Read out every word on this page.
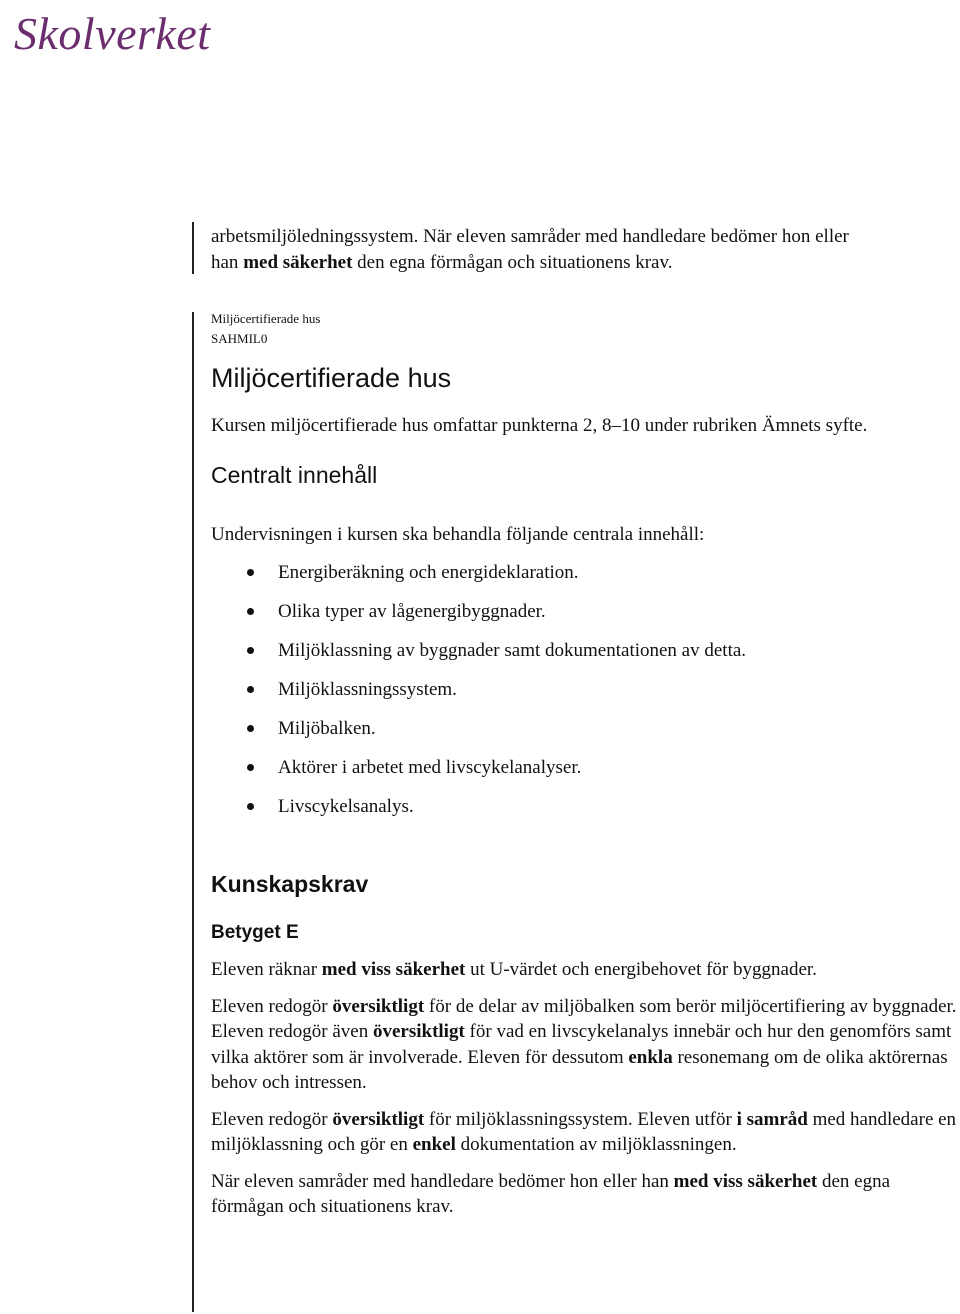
Skolverket

arbetsmiljöledningssystem. När eleven samråder med handledare bedömer hon eller
han med säkerhet den egna förmågan och situationens krav.

Miljöcertifierade hus

SAHMIL0

Miljöcertifierade hus

Kursen miljöcertifierade hus omfattar punkterna 2, 8–10 under rubriken Ämnets syfte.

Centralt innehåll

Undervisningen i kursen ska behandla följande centrala innehåll:

Energiberäkning och energideklaration.
Olika typer av lågenergibyggnader.
Miljöklassning av byggnader samt dokumentationen av detta.
Miljöklassningssystem.
Miljöbalken.
Aktörer i arbetet med livscykelanalyser.
Livscykelsanalys.
Kunskapskrav
Betyget E

Eleven räknar med viss säkerhet ut U-värdet och energibehovet för byggnader.

Eleven redogör översiktligt för de delar av miljöbalken som berör miljöcertifiering av byggnader. Eleven redogör även översiktligt för vad en livscykelanalys innebär och hur den genomförs samt vilka aktörer som är involverade. Eleven för dessutom enkla resonemang om de olika aktörernas behov och intressen.

Eleven redogör översiktligt för miljöklassningssystem. Eleven utför i samråd med handledare en miljöklassning och gör en enkel dokumentation av miljöklassningen.

När eleven samråder med handledare bedömer hon eller han med viss säkerhet den egna förmågan och situationens krav.
